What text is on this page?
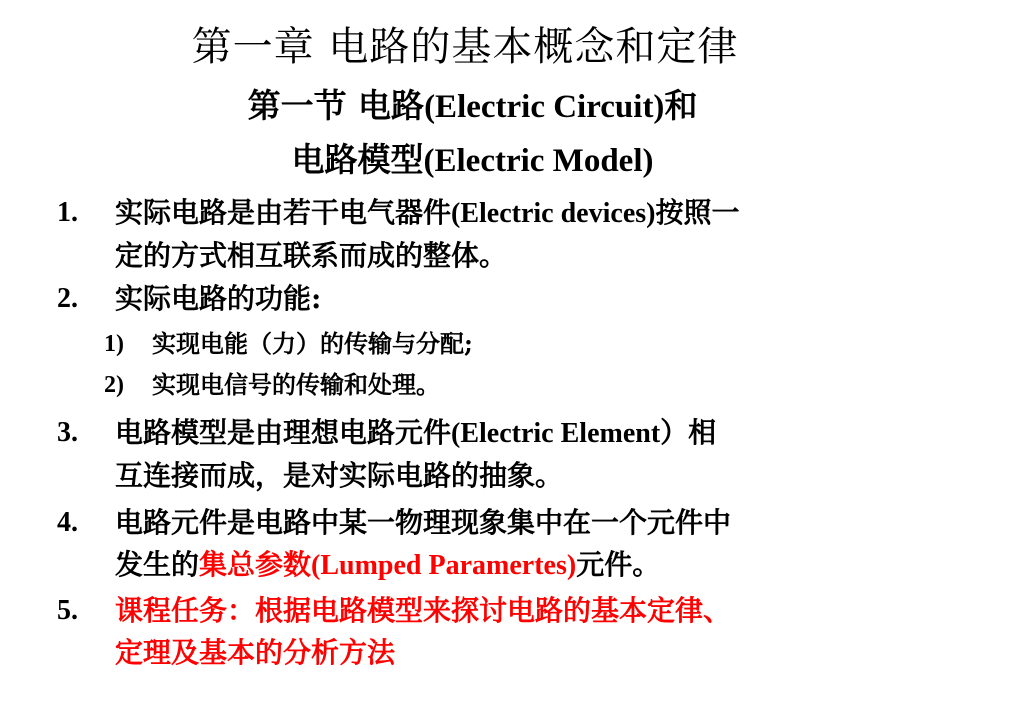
第一章 电路的基本概念和定律
第一节 电路(Electric Circuit)和
电路模型(Electric Model)
1. 实际电路是由若干电气器件(Electric devices)按照一
定的方式相互联系而成的整体。
2. 实际电路的功能:
1) 实现电能（力）的传输与分配;
2) 实现电信号的传输和处理。
3. 电路模型是由理想电路元件(Electric Element）相
互连接而成，是对实际电路的抽象。
4. 电路元件是电路中某一物理现象集中在一个元件中
发生的集总参数(Lumped Paramertes)元件。
5. 课程任务：根据电路模型来探讨电路的基本定律、
定理及基本的分析方法
